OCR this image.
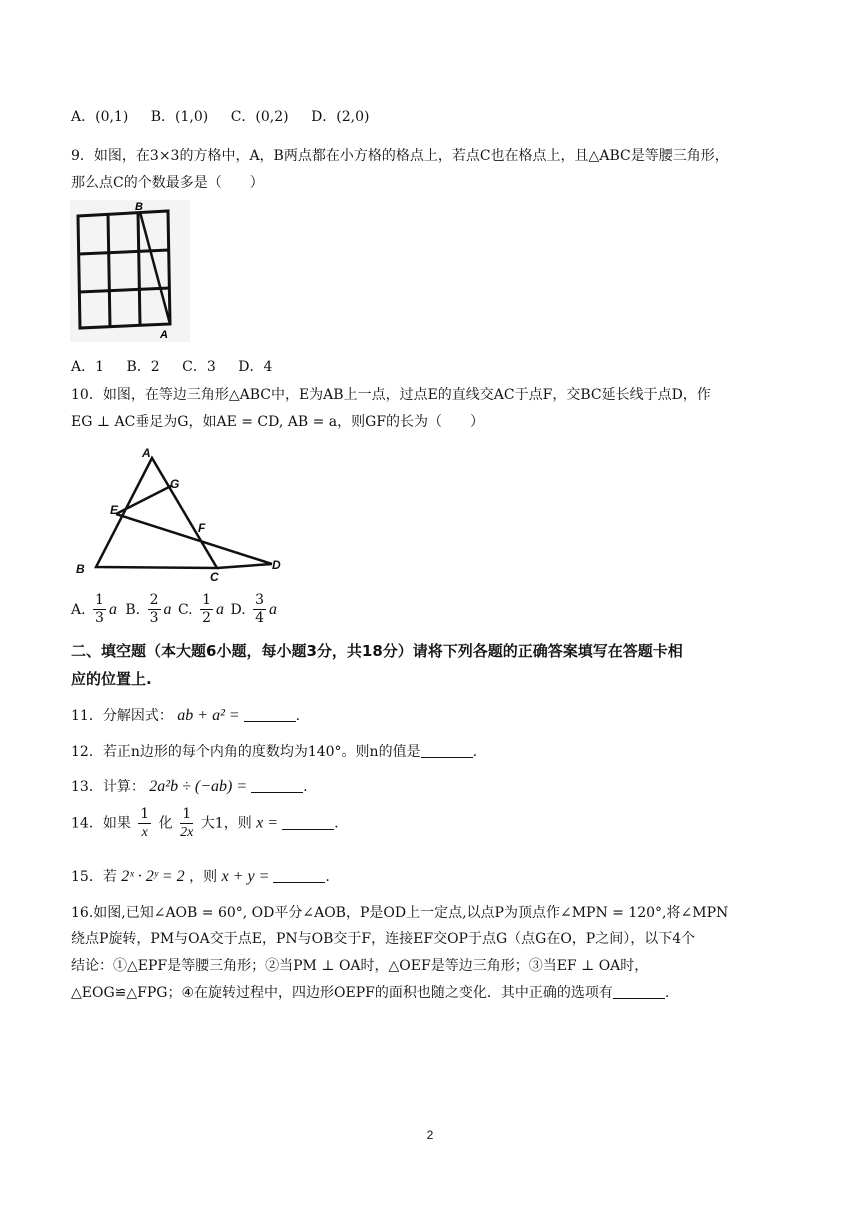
A．(0,1) B．(1,0) C．(0,2) D．(2,0)
9．如图，在3×3的方格中，A，B两点都在小方格的格点上，若点C也在格点上，且△ABC是等腰三角形，
那么点C的个数最多是（　　）
B
A
A．1 B．2 C．3 D．4
10．如图，在等边三角形△ABC中，E为AB上一点，过点E的直线交AC于点F，交BC延长线于点D，作
EG ⊥ AC垂足为G，如AE = CD, AB = a，则GF的长为（　　）
A
G
E
F
B
C
D
A. $\frac{1}{3}$ a B. $\frac{2}{3}$ a C. $\frac{1}{2}$ a D. $\frac{3}{4}$ a
二、填空题（本大题6小题，每小题3分，共18分）请将下列各题的正确答案填写在答题卡相
应的位置上.
11．分解因式： ab + a² =	.
12．若正n边形的每个内角的度数均为140°。则n的值是	.
13．计算： 2a²b ÷ (−ab) =	.
14．如果 $\frac{1}{x}$ 化 $\frac{1}{2x}$ 大1，则 x =	.
15．若 2ˣ · 2ʸ = 2 ，则 x + y =	.
16.如图,已知∠AOB = 60°, OD平分∠AOB，P是OD上一定点,以点P为顶点作∠MPN = 120°,将∠MPN
绕点P旋转，PM与OA交于点E，PN与OB交于F，连接EF交OP于点G（点G在O，P之间），以下4个
结论：①△EPF是等腰三角形；②当PM ⊥ OA时，△OEF是等边三角形；③当EF ⊥ OA时，
△EOG≌△FPG；④在旋转过程中，四边形OEPF的面积也随之变化．其中正确的选项有	.
2
